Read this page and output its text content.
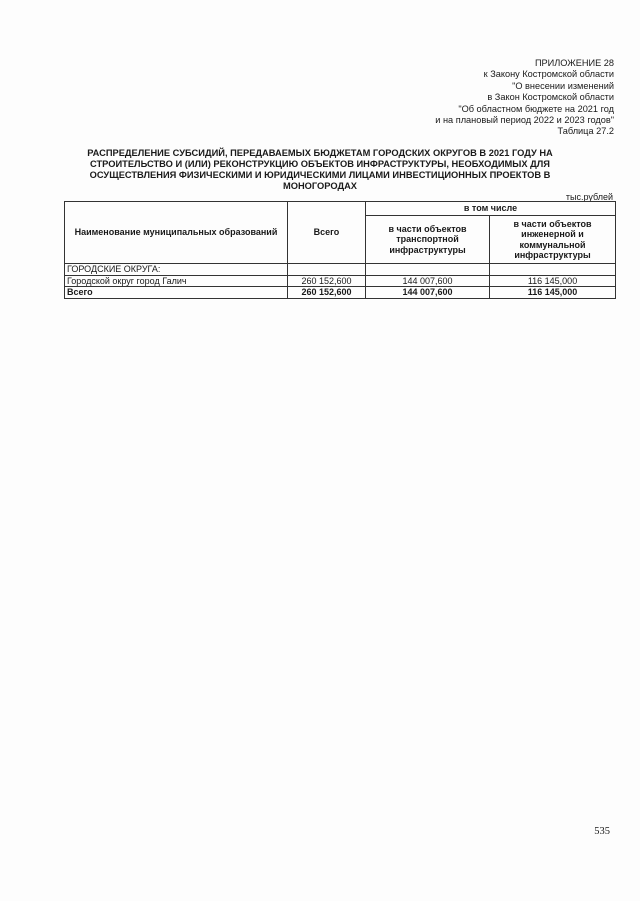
ПРИЛОЖЕНИЕ 28
к Закону Костромской области
"О внесении изменений
в Закон Костромской области
"Об областном бюджете на 2021 год
и на плановый период 2022 и 2023 годов"
Таблица 27.2
РАСПРЕДЕЛЕНИЕ СУБСИДИЙ, ПЕРЕДАВАЕМЫХ БЮДЖЕТАМ ГОРОДСКИХ ОКРУГОВ В 2021 ГОДУ НА
СТРОИТЕЛЬСТВО И (ИЛИ) РЕКОНСТРУКЦИЮ ОБЪЕКТОВ ИНФРАСТРУКТУРЫ, НЕОБХОДИМЫХ ДЛЯ
ОСУЩЕСТВЛЕНИЯ ФИЗИЧЕСКИМИ И ЮРИДИЧЕСКИМИ ЛИЦАМИ ИНВЕСТИЦИОННЫХ ПРОЕКТОВ В
МОНОГОРОДАХ
тыс.рублей
Наименование муниципальных образований	Всего	в том числе	
		в части объектов транспортной инфраструктуры	в части объектов инженерной и коммунальной инфраструктуры
ГОРОДСКИЕ ОКРУГА:			
Городской округ город Галич	260 152,600	144 007,600	116 145,000
Всего	260 152,600	144 007,600	116 145,000
535
